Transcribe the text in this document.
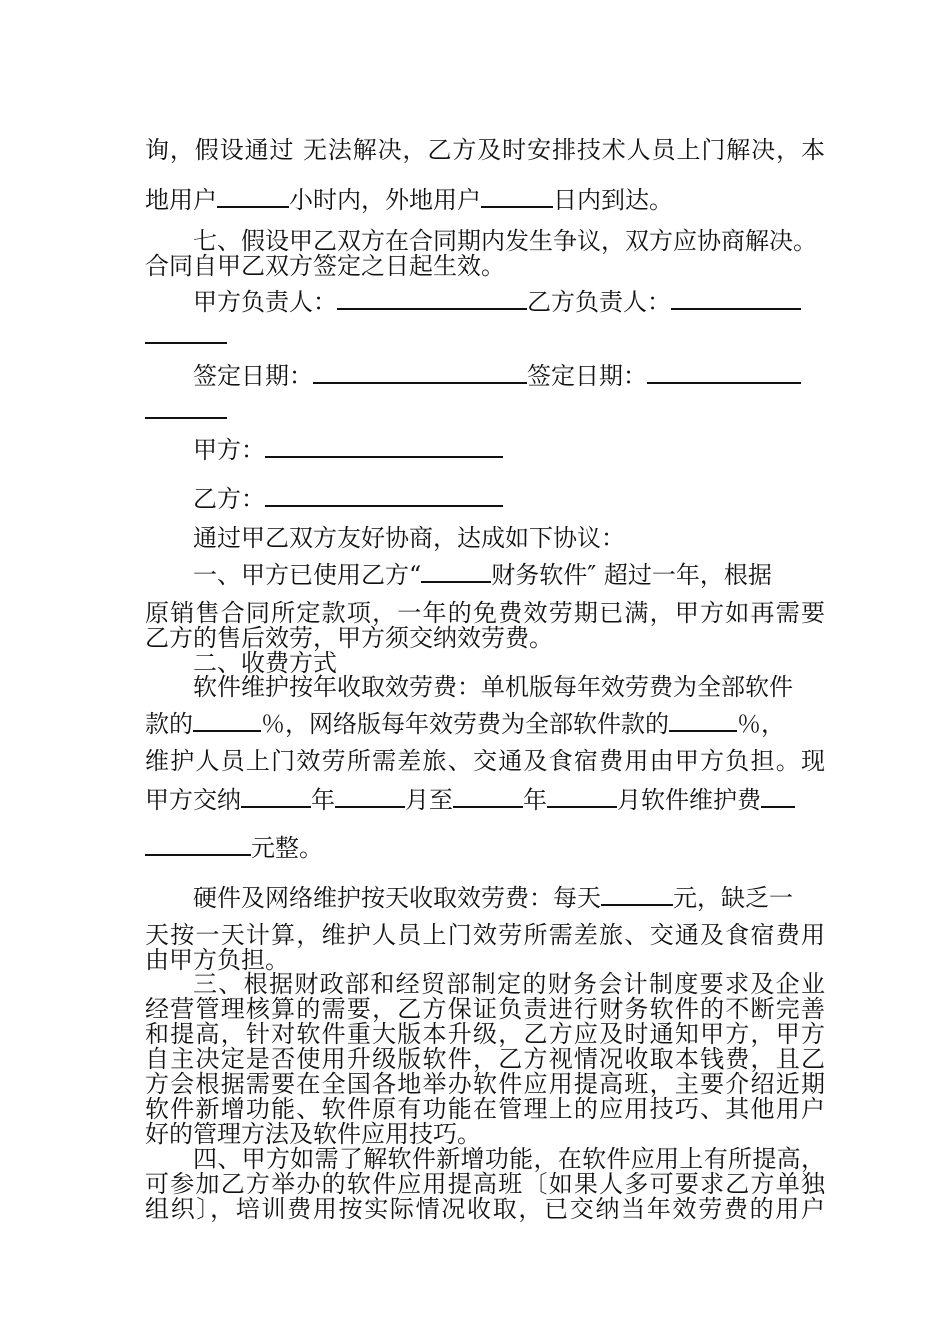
询，假设通过 无法解决，乙方及时安排技术人员上门解决，本
地用户	小时内，外地用户	日内到达。
七、假设甲乙双方在合同期内发生争议，双方应协商解决。
合同自甲乙双方签定之日起生效。
甲方负责人：	乙方负责人：
签定日期：	签定日期：
甲方：
乙方：
通过甲乙双方友好协商，达成如下协议：
一、甲方已使用乙方“	财务软件″ 超过一年，根据
原销售合同所定款项，一年的免费效劳期已满，甲方如再需要
乙方的售后效劳，甲方须交纳效劳费。
二、收费方式
软件维护按年收取效劳费：单机版每年效劳费为全部软件
款的	％，网络版每年效劳费为全部软件款的	％，
维护人员上门效劳所需差旅、交通及食宿费用由甲方负担。现
甲方交纳	年	月至	年	月软件维护费
元整。
硬件及网络维护按天收取效劳费：每天	元，缺乏一
天按一天计算，维护人员上门效劳所需差旅、交通及食宿费用
由甲方负担。
三、根据财政部和经贸部制定的财务会计制度要求及企业
经营管理核算的需要，乙方保证负责进行财务软件的不断完善
和提高，针对软件重大版本升级，乙方应及时通知甲方，甲方
自主决定是否使用升级版软件，乙方视情况收取本钱费，且乙
方会根据需要在全国各地举办软件应用提高班，主要介绍近期
软件新增功能、软件原有功能在管理上的应用技巧、其他用户
好的管理方法及软件应用技巧。
四、甲方如需了解软件新增功能，在软件应用上有所提高，
可参加乙方举办的软件应用提高班〔如果人多可要求乙方单独
组织〕，培训费用按实际情况收取，已交纳当年效劳费的用户
